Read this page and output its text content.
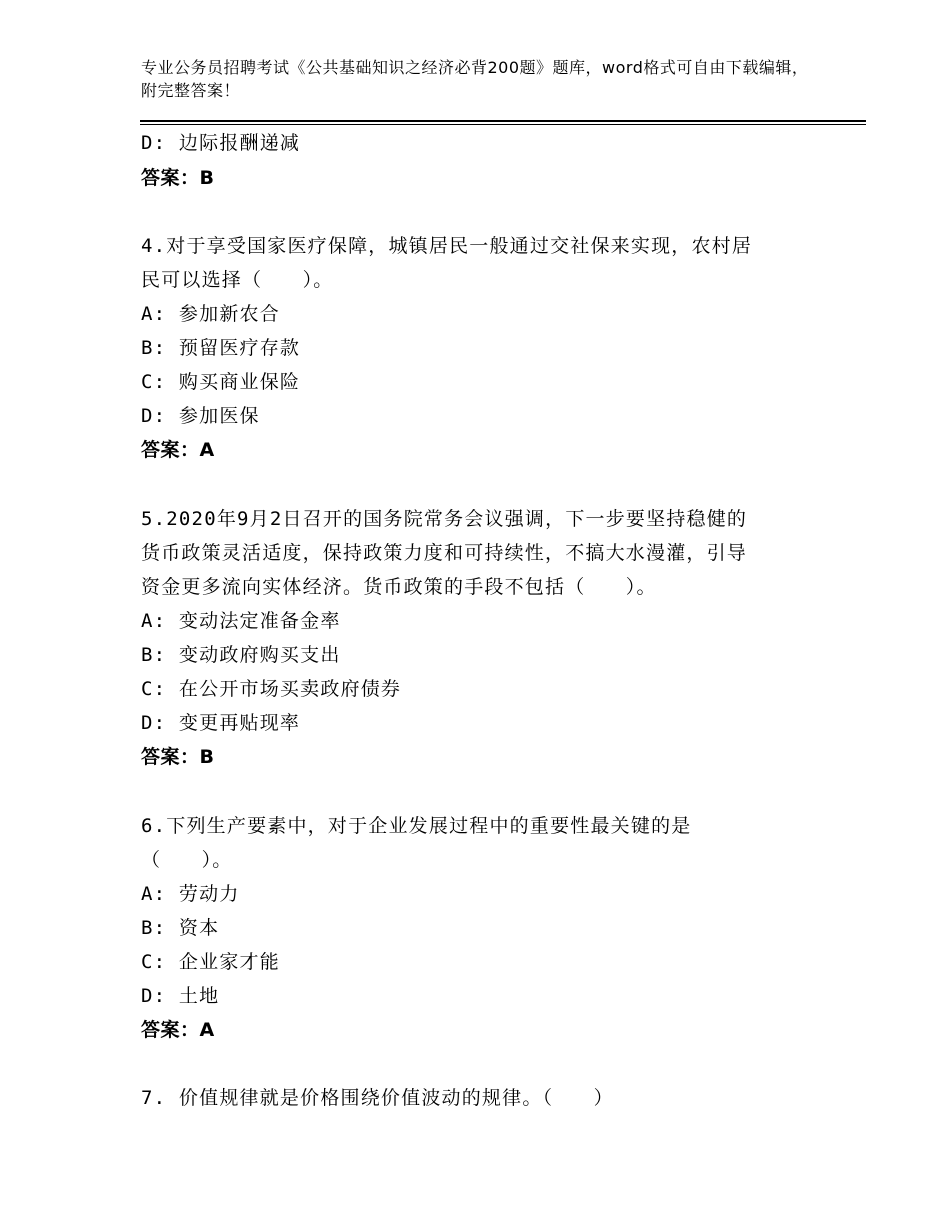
专业公务员招聘考试《公共基础知识之经济必背200题》题库，word格式可自由下载编辑，附完整答案！
D: 边际报酬递减
答案：B
4.对于享受国家医疗保障，城镇居民一般通过交社保来实现，农村居
民可以选择（　　）。
A: 参加新农合
B: 预留医疗存款
C: 购买商业保险
D: 参加医保
答案：A
5.2020年9月2日召开的国务院常务会议强调，下一步要坚持稳健的
货币政策灵活适度，保持政策力度和可持续性，不搞大水漫灌，引导
资金更多流向实体经济。货币政策的手段不包括（　　）。
A: 变动法定准备金率
B: 变动政府购买支出
C: 在公开市场买卖政府债券
D: 变更再贴现率
答案：B
6.下列生产要素中，对于企业发展过程中的重要性最关键的是
（　　）。
A: 劳动力
B: 资本
C: 企业家才能
D: 土地
答案：A
7. 价值规律就是价格围绕价值波动的规律。（　　）
